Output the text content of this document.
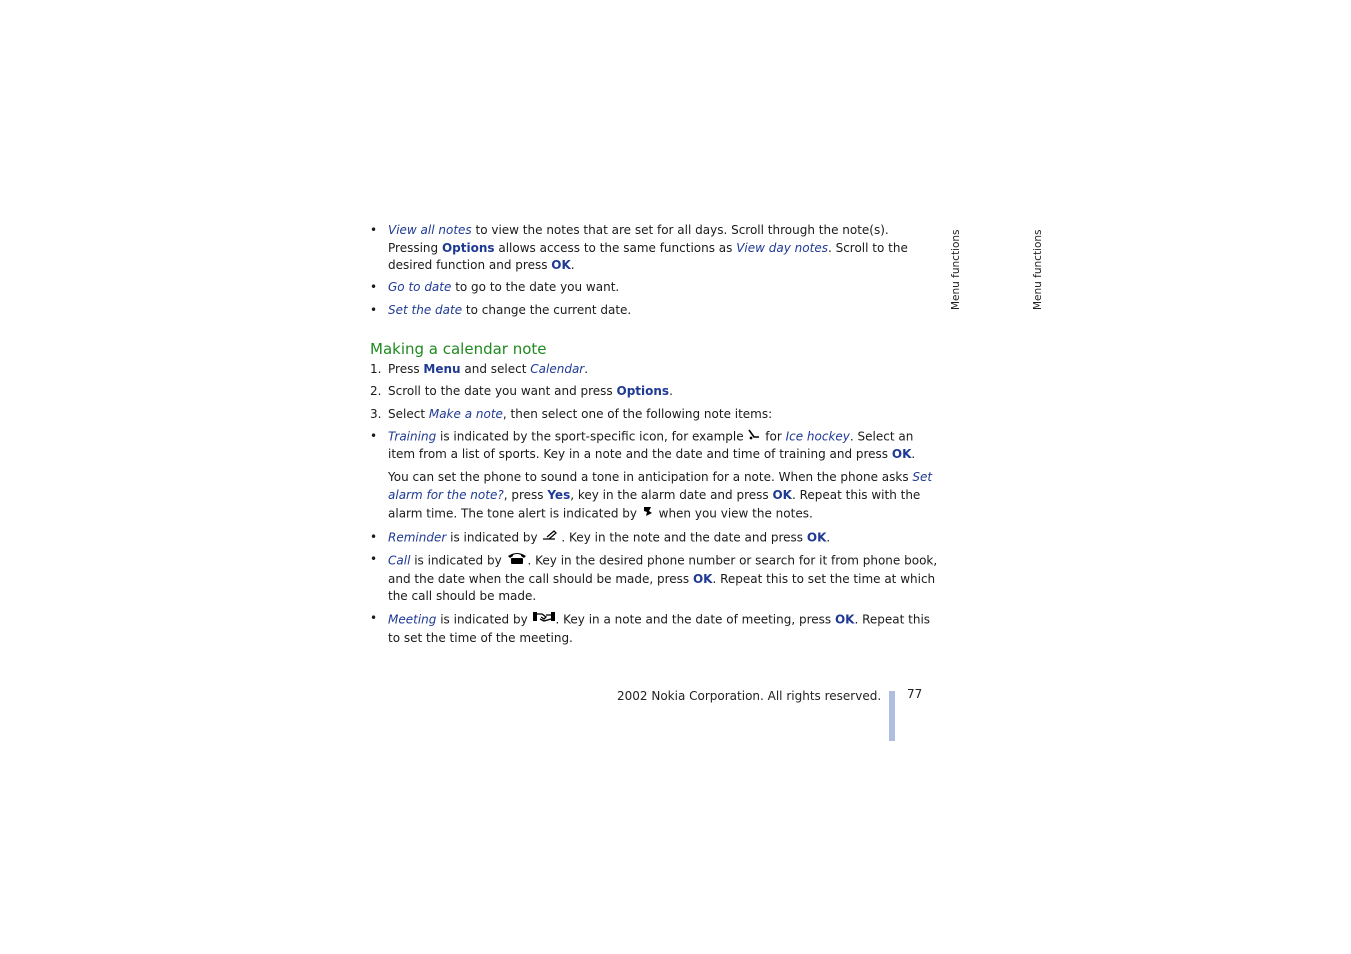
• View all notes to view the notes that are set for all days. Scroll through the note(s). Pressing Options allows access to the same functions as View day notes. Scroll to the desired function and press OK.

• Go to date to go to the date you want.

• Set the date to change the current date.

Making a calendar note

1. Press Menu and select Calendar.

2. Scroll to the date you want and press Options.

3. Select Make a note, then select one of the following note items:

• Training is indicated by the sport-specific icon, for example  for Ice hockey. Select an item from a list of sports. Key in a note and the date and time of training and press OK.

You can set the phone to sound a tone in anticipation for a note. When the phone asks Set alarm for the note?, press Yes, key in the alarm date and press OK. Repeat this with the alarm time. The tone alert is indicated by  when you view the notes.

• Reminder is indicated by . Key in the note and the date and press OK.

• Call is indicated by . Key in the desired phone number or search for it from phone book, and the date when the call should be made, press OK. Repeat this to set the time at which the call should be made.

• Meeting is indicated by . Key in a note and the date of meeting, press OK. Repeat this to set the time of the meeting.

Menu functions	Menu functions
2002 Nokia Corporation. All rights reserved. 77
